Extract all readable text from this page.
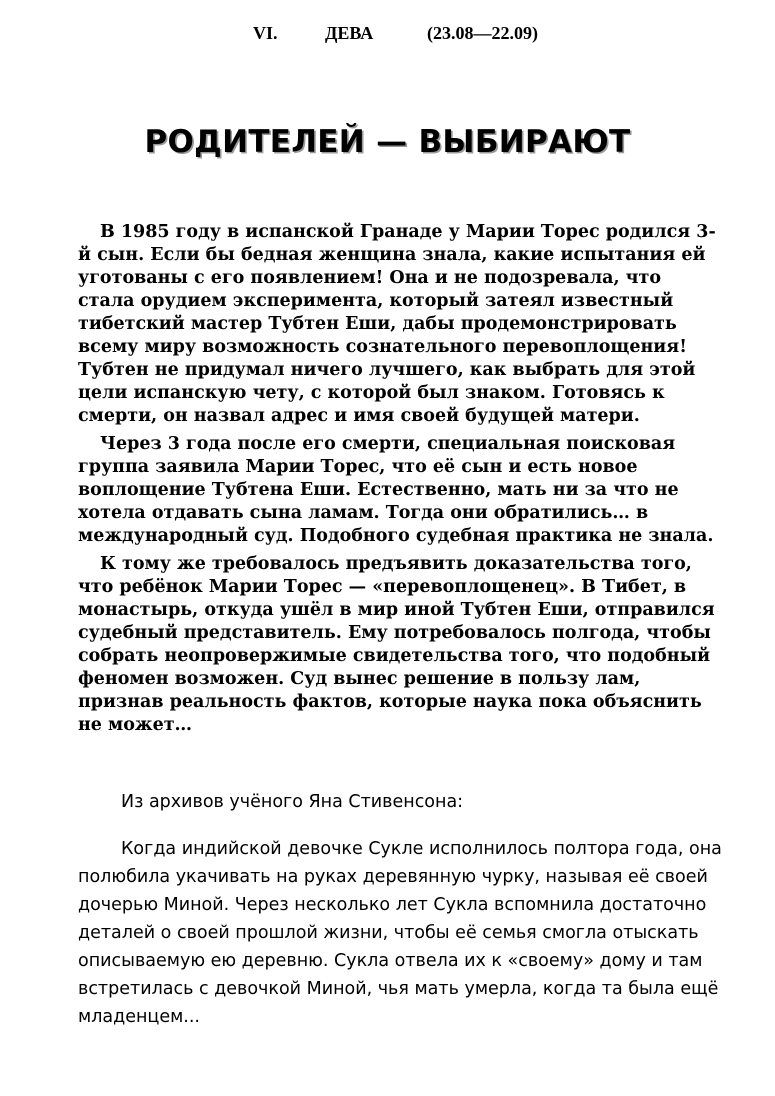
VI.	ДЕВА	(23.08—22.09)
РОДИТЕЛЕЙ — ВЫБИРАЮТ

В 1985 году в испанской Гранаде у Марии Торес родился 3-й сын. Если бы бедная женщина знала, какие испытания ей уготованы с его появлением! Она и не подозревала, что стала орудием эксперимента, который затеял известный тибетский мастер Тубтен Еши, дабы продемонстрировать всему миру возможность сознательного перевоплощения! Тубтен не придумал ничего лучшего, как выбрать для этой цели испанскую чету, с которой был знаком. Готовясь к смерти, он назвал адрес и имя своей будущей матери.

Через 3 года после его смерти, специальная поисковая группа заявила Марии Торес, что её сын и есть новое воплощение Тубтена Еши. Естественно, мать ни за что не хотела отдавать сына ламам. Тогда они обратились… в международный суд. Подобного судебная практика не знала.

К тому же требовалось предъявить доказательства того, что ребёнок Марии Торес — «перевоплощенец». В Тибет, в монастырь, откуда ушёл в мир иной Тубтен Еши, отправился судебный представитель. Ему потребовалось полгода, чтобы собрать неопровержимые свидетельства того, что подобный феномен возможен. Суд вынес решение в пользу лам, признав реальность фактов, которые наука пока объяснить не может…

Из архивов учёного Яна Стивенсона:

Когда индийской девочке Сукле исполнилось полтора года, она полюбила укачивать на руках деревянную чурку, называя её своей дочерью Миной. Через несколько лет Сукла вспомнила достаточно деталей о своей прошлой жизни, чтобы её семья смогла отыскать описываемую ею деревню. Сукла отвела их к «своему» дому и там встретилась с девочкой Миной, чья мать умерла, когда та была ещё младенцем...
